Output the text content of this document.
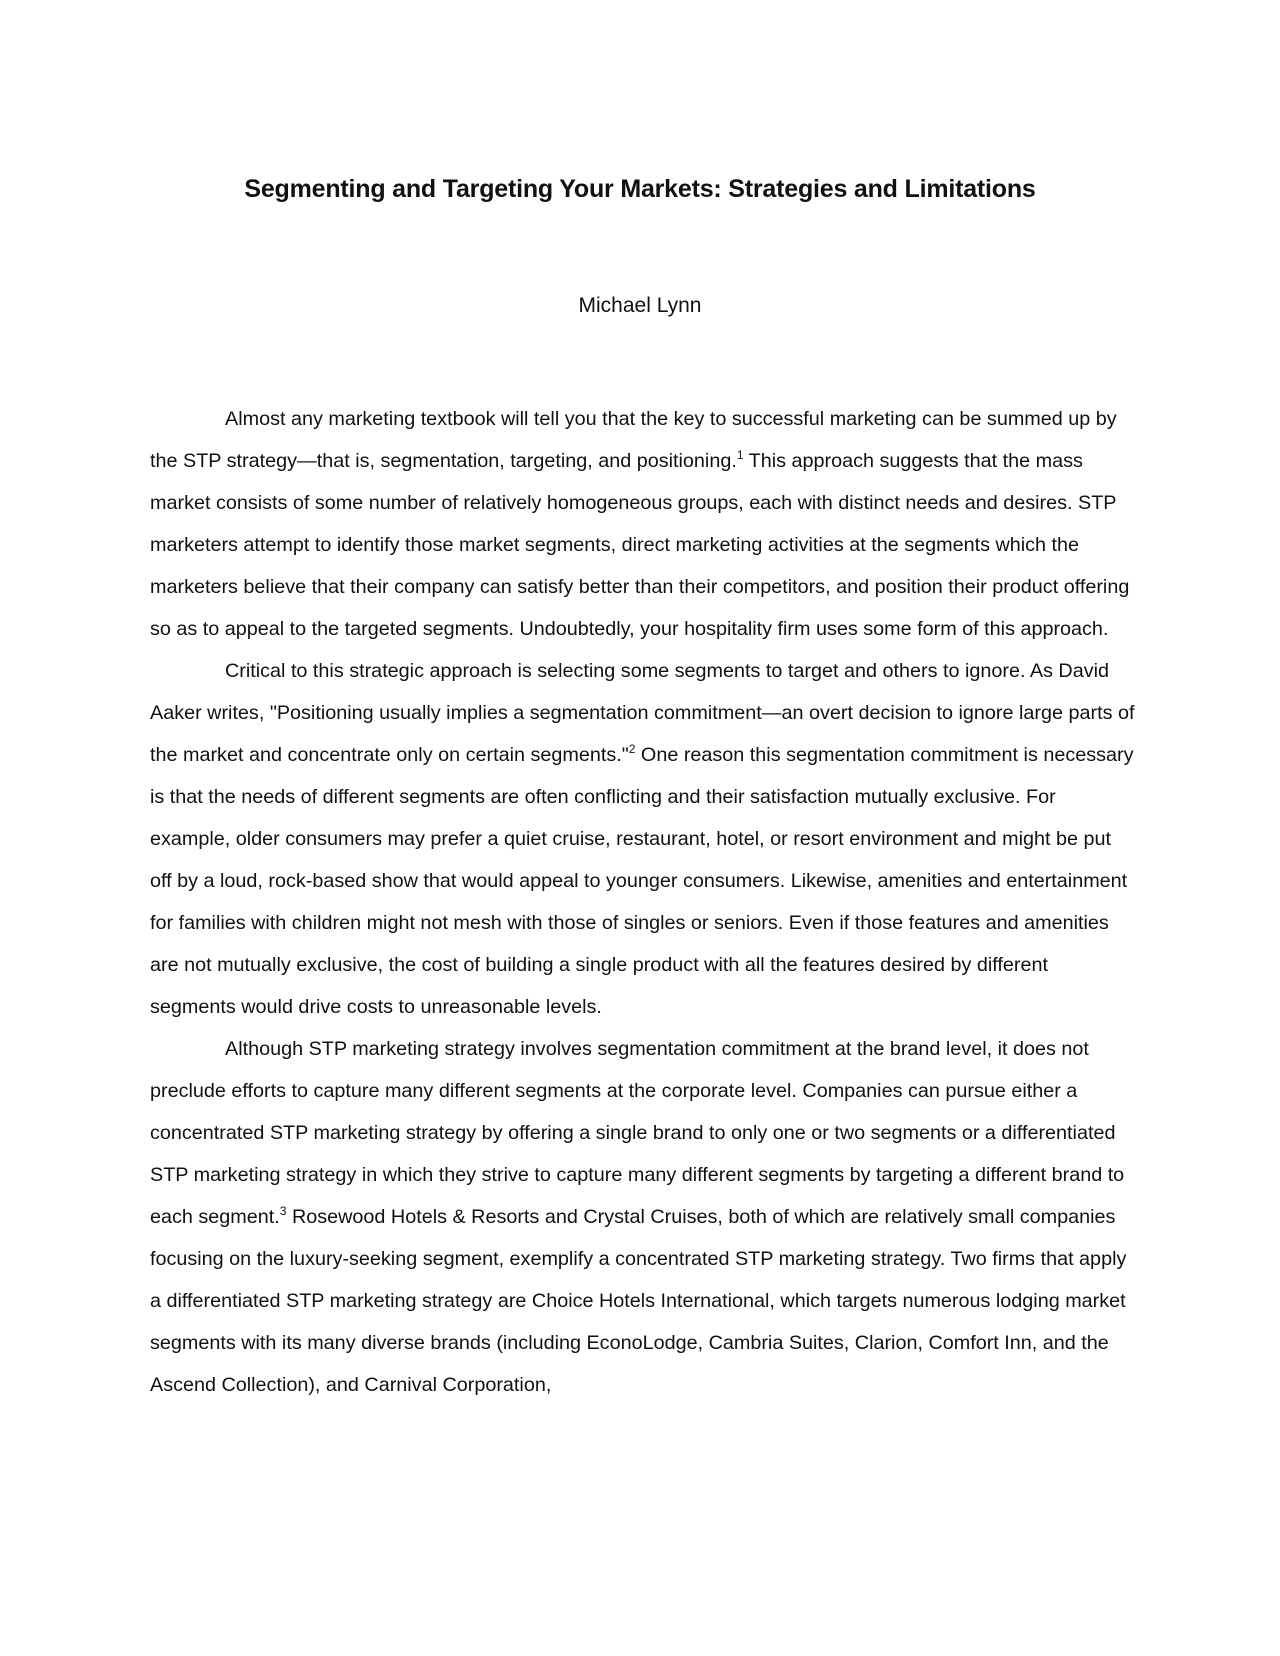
Segmenting and Targeting Your Markets: Strategies and Limitations

Michael Lynn

Almost any marketing textbook will tell you that the key to successful marketing can be summed up by the STP strategy—that is, segmentation, targeting, and positioning.$^1$ This approach suggests that the mass market consists of some number of relatively homogeneous groups, each with distinct needs and desires. STP marketers attempt to identify those market segments, direct marketing activities at the segments which the marketers believe that their company can satisfy better than their competitors, and position their product offering so as to appeal to the targeted segments. Undoubtedly, your hospitality firm uses some form of this approach.

Critical to this strategic approach is selecting some segments to target and others to ignore. As David Aaker writes, "Positioning usually implies a segmentation commitment—an overt decision to ignore large parts of the market and concentrate only on certain segments."$^2$ One reason this segmentation commitment is necessary is that the needs of different segments are often conflicting and their satisfaction mutually exclusive. For example, older consumers may prefer a quiet cruise, restaurant, hotel, or resort environment and might be put off by a loud, rock-based show that would appeal to younger consumers. Likewise, amenities and entertainment for families with children might not mesh with those of singles or seniors. Even if those features and amenities are not mutually exclusive, the cost of building a single product with all the features desired by different segments would drive costs to unreasonable levels.

Although STP marketing strategy involves segmentation commitment at the brand level, it does not preclude efforts to capture many different segments at the corporate level. Companies can pursue either a concentrated STP marketing strategy by offering a single brand to only one or two segments or a differentiated STP marketing strategy in which they strive to capture many different segments by targeting a different brand to each segment.$^3$ Rosewood Hotels & Resorts and Crystal Cruises, both of which are relatively small companies focusing on the luxury-seeking segment, exemplify a concentrated STP marketing strategy. Two firms that apply a differentiated STP marketing strategy are Choice Hotels International, which targets numerous lodging market segments with its many diverse brands (including EconoLodge, Cambria Suites, Clarion, Comfort Inn, and the Ascend Collection), and Carnival Corporation,
